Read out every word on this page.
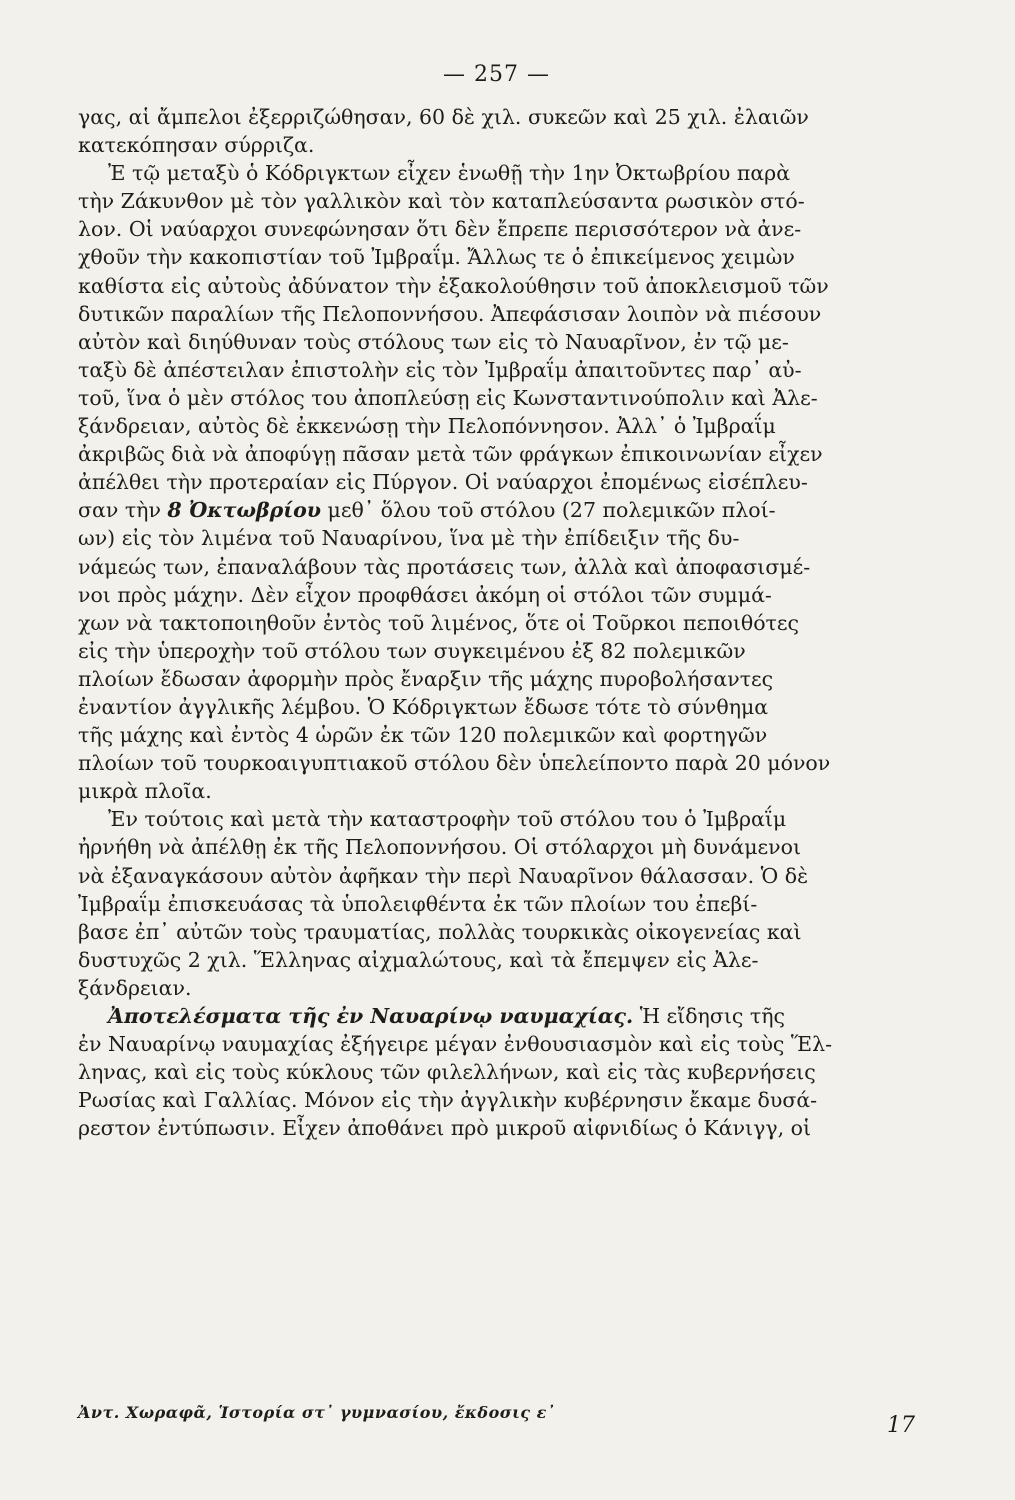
— 257 —

γας, αἱ ἄμπελοι ἐξερριζώθησαν, 60 δὲ χιλ. συκεῶν καὶ 25 χιλ. ἐλαιῶν
κατεκόπησαν σύρριζα.

Ἐ τῷ μεταξὺ ὁ Κόδριγκτων εἶχεν ἑνωθῇ τὴν 1ην Ὀκτωβρίου παρὰ
τὴν Ζάκυνθον μὲ τὸν γαλλικὸν καὶ τὸν καταπλεύσαντα ρωσικὸν στό-
λον. Οἱ ναύαρχοι συνεφώνησαν ὅτι δὲν ἔπρεπε περισσότερον νὰ ἀνε-
χθοῦν τὴν κακοπιστίαν τοῦ Ἰμβραΐμ. Ἄλλως τε ὁ ἐπικείμενος χειμὼν
καθίστα εἰς αὐτοὺς ἀδύνατον τὴν ἐξακολούθησιν τοῦ ἀποκλεισμοῦ τῶν
δυτικῶν παραλίων τῆς Πελοποννήσου. Ἀπεφάσισαν λοιπὸν νὰ πιέσουν
αὐτὸν καὶ διηύθυναν τοὺς στόλους των εἰς τὸ Ναυαρῖνον, ἐν τῷ με-
ταξὺ δὲ ἀπέστειλαν ἐπιστολὴν εἰς τὸν Ἰμβραΐμ ἀπαιτοῦντες παρ᾽ αὐ-
τοῦ, ἵνα ὁ μὲν στόλος του ἀποπλεύσῃ εἰς Κωνσταντινούπολιν καὶ Ἀλε-
ξάνδρειαν, αὐτὸς δὲ ἐκκενώσῃ τὴν Πελοπόννησον. Ἀλλ᾽ ὁ Ἰμβραΐμ
ἀκριβῶς διὰ νὰ ἀποφύγῃ πᾶσαν μετὰ τῶν φράγκων ἐπικοινωνίαν εἶχεν
ἀπέλθει τὴν προτεραίαν εἰς Πύργον. Οἱ ναύαρχοι ἐπομένως εἰσέπλευ-
σαν τὴν 8 Ὀκτωβρίου μεθ᾽ ὅλου τοῦ στόλου (27 πολεμικῶν πλοί-
ων) εἰς τὸν λιμένα τοῦ Ναυαρίνου, ἵνα μὲ τὴν ἐπίδειξιν τῆς δυ-
νάμεώς των, ἐπαναλάβουν τὰς προτάσεις των, ἀλλὰ καὶ ἀποφασισμέ-
νοι πρὸς μάχην. Δὲν εἶχον προφθάσει ἀκόμη οἱ στόλοι τῶν συμμά-
χων νὰ τακτοποιηθοῦν ἐντὸς τοῦ λιμένος, ὅτε οἱ Τοῦρκοι πεποιθότες
εἰς τὴν ὑπεροχὴν τοῦ στόλου των συγκειμένου ἐξ 82 πολεμικῶν
πλοίων ἔδωσαν ἀφορμὴν πρὸς ἔναρξιν τῆς μάχης πυροβολήσαντες
ἐναντίον ἀγγλικῆς λέμβου. Ὁ Κόδριγκτων ἔδωσε τότε τὸ σύνθημα
τῆς μάχης καὶ ἐντὸς 4 ὡρῶν ἐκ τῶν 120 πολεμικῶν καὶ φορτηγῶν
πλοίων τοῦ τουρκοαιγυπτιακοῦ στόλου δὲν ὑπελείποντο παρὰ 20 μόνον
μικρὰ πλοῖα.

Ἐν τούτοις καὶ μετὰ τὴν καταστροφὴν τοῦ στόλου του ὁ Ἰμβραΐμ
ἠρνήθη νὰ ἀπέλθῃ ἐκ τῆς Πελοποννήσου. Οἱ στόλαρχοι μὴ δυνάμενοι
νὰ ἐξαναγκάσουν αὐτὸν ἀφῆκαν τὴν περὶ Ναυαρῖνον θάλασσαν. Ὁ δὲ
Ἰμβραΐμ ἐπισκευάσας τὰ ὑπολειφθέντα ἐκ τῶν πλοίων του ἐπεβί-
βασε ἐπ᾽ αὐτῶν τοὺς τραυματίας, πολλὰς τουρκικὰς οἰκογενείας καὶ
δυστυχῶς 2 χιλ. Ἕλληνας αἰχμαλώτους, καὶ τὰ ἔπεμψεν εἰς Ἀλε-
ξάνδρειαν.

Ἀποτελέσματα τῆς ἐν Ναυαρίνῳ ναυμαχίας. Ἡ εἴδησις τῆς
ἐν Ναυαρίνῳ ναυμαχίας ἐξήγειρε μέγαν ἐνθουσιασμὸν καὶ εἰς τοὺς Ἕλ-
ληνας, καὶ εἰς τοὺς κύκλους τῶν φιλελλήνων, καὶ εἰς τὰς κυβερνήσεις
Ρωσίας καὶ Γαλλίας. Μόνον εἰς τὴν ἀγγλικὴν κυβέρνησιν ἔκαμε δυσά-
ρεστον ἐντύπωσιν. Εἶχεν ἀποθάνει πρὸ μικροῦ αἰφνιδίως ὁ Κάνιγγ, οἱ

Ἀντ. Χωραφᾶ, Ἱστορία στ᾽ γυμνασίου, ἔκδοσις ε᾽
17
